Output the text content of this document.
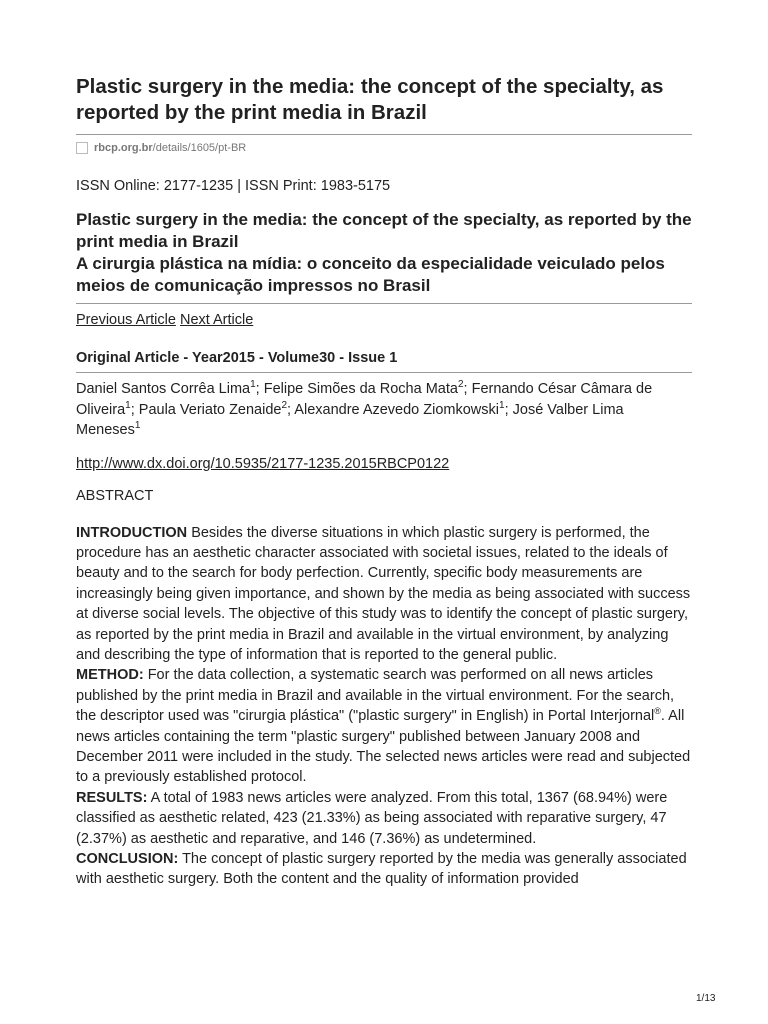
Plastic surgery in the media: the concept of the specialty, as reported by the print media in Brazil
rbcp.org.br /details/1605/pt-BR
ISSN Online: 2177-1235 | ISSN Print: 1983-5175
Plastic surgery in the media: the concept of the specialty, as reported by the print media in Brazil
A cirurgia plástica na mídia: o conceito da especialidade veiculado pelos meios de comunicação impressos no Brasil
Previous Article Next Article
Original Article - Year2015 - Volume30 - Issue 1
Daniel Santos Corrêa Lima$^1$; Felipe Simões da Rocha Mata$^2$; Fernando César Câmara de Oliveira$^1$; Paula Veriato Zenaide$^2$; Alexandre Azevedo Ziomkowski$^1$; José Valber Lima Meneses$^1$
http://www.dx.doi.org/10.5935/2177-1235.2015RBCP0122
ABSTRACT

INTRODUCTION Besides the diverse situations in which plastic surgery is performed, the procedure has an aesthetic character associated with societal issues, related to the ideals of beauty and to the search for body perfection. Currently, specific body measurements are increasingly being given importance, and shown by the media as being associated with success at diverse social levels. The objective of this study was to identify the concept of plastic surgery, as reported by the print media in Brazil and available in the virtual environment, by analyzing and describing the type of information that is reported to the general public.

METHOD: For the data collection, a systematic search was performed on all news articles published by the print media in Brazil and available in the virtual environment. For the search, the descriptor used was "cirurgia plástica" ("plastic surgery" in English) in Portal Interjornal®. All news articles containing the term "plastic surgery" published between January 2008 and December 2011 were included in the study. The selected news articles were read and subjected to a previously established protocol.

RESULTS: A total of 1983 news articles were analyzed. From this total, 1367 (68.94%) were classified as aesthetic related, 423 (21.33%) as being associated with reparative surgery, 47 (2.37%) as aesthetic and reparative, and 146 (7.36%) as undetermined.

CONCLUSION: The concept of plastic surgery reported by the media was generally associated with aesthetic surgery. Both the content and the quality of information provided

1/13
